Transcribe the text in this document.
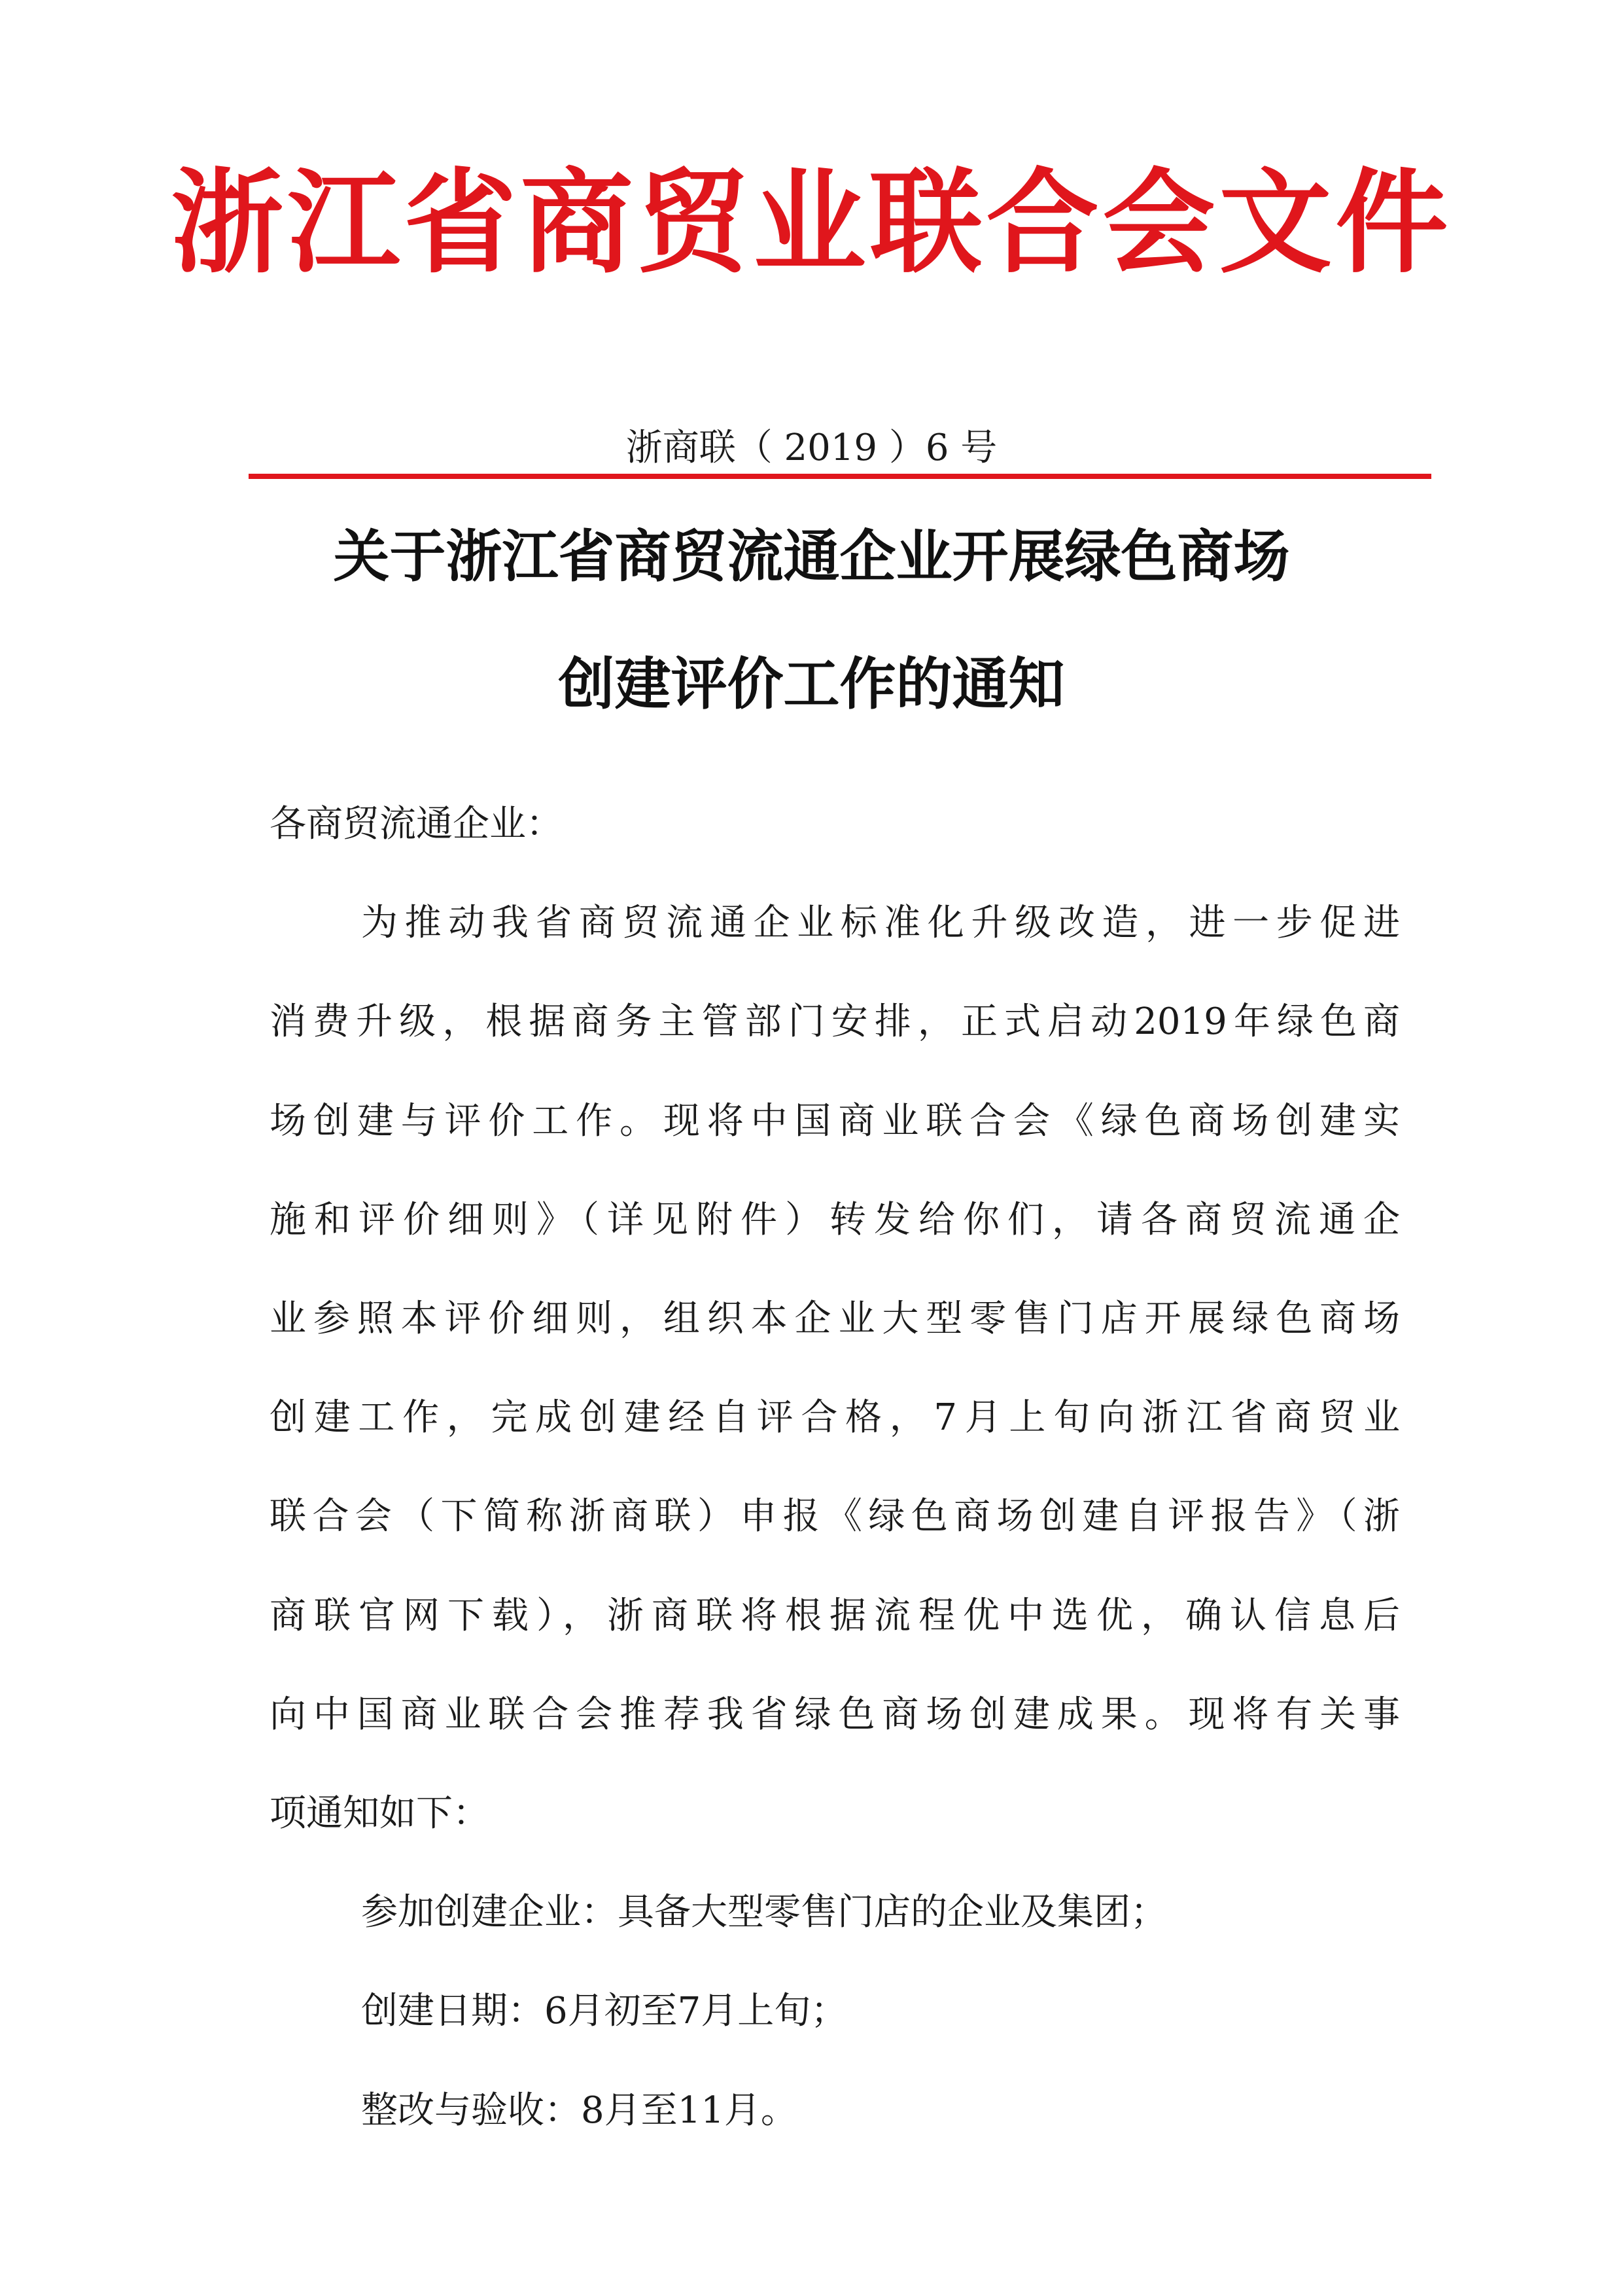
浙江省商贸业联合会文件
浙商联（ 2019 ）6 号
关于浙江省商贸流通企业开展绿色商场
创建评价工作的通知
各商贸流通企业：
为推动我省商贸流通企业标准化升级改造，进一步促进
消费升级，根据商务主管部门安排，正式启动2019年绿色商
场创建与评价工作。现将中国商业联合会《绿色商场创建实
施和评价细则》（详见附件）转发给你们，请各商贸流通企
业参照本评价细则，组织本企业大型零售门店开展绿色商场
创建工作，完成创建经自评合格，7月上旬向浙江省商贸业
联合会（下简称浙商联）申报《绿色商场创建自评报告》（浙
商联官网下载），浙商联将根据流程优中选优，确认信息后
向中国商业联合会推荐我省绿色商场创建成果。现将有关事
项通知如下：
参加创建企业：具备大型零售门店的企业及集团；
创建日期：6月初至7月上旬；
整改与验收：8月至11月。
